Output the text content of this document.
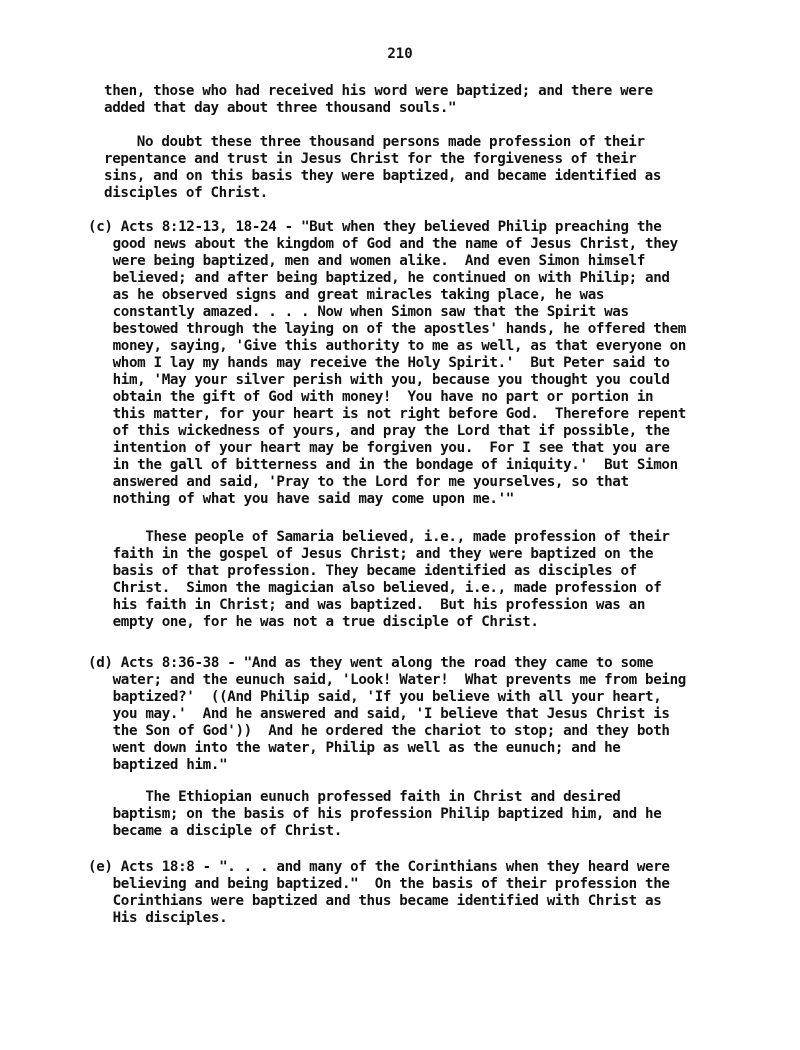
210
then, those who had received his word were baptized; and there were
added that day about three thousand souls."
No doubt these three thousand persons made profession of their
repentance and trust in Jesus Christ for the forgiveness of their
sins, and on this basis they were baptized, and became identified as
disciples of Christ.
(c) Acts 8:12-13, 18-24 - "But when they believed Philip preaching the
good news about the kingdom of God and the name of Jesus Christ, they
were being baptized, men and women alike.  And even Simon himself
believed; and after being baptized, he continued on with Philip; and
as he observed signs and great miracles taking place, he was
constantly amazed. . . . Now when Simon saw that the Spirit was
bestowed through the laying on of the apostles' hands, he offered them
money, saying, 'Give this authority to me as well, as that everyone on
whom I lay my hands may receive the Holy Spirit.'  But Peter said to
him, 'May your silver perish with you, because you thought you could
obtain the gift of God with money!  You have no part or portion in
this matter, for your heart is not right before God.  Therefore repent
of this wickedness of yours, and pray the Lord that if possible, the
intention of your heart may be forgiven you.  For I see that you are
in the gall of bitterness and in the bondage of iniquity.'  But Simon
answered and said, 'Pray to the Lord for me yourselves, so that
nothing of what you have said may come upon me.'"
These people of Samaria believed, i.e., made profession of their
faith in the gospel of Jesus Christ; and they were baptized on the
basis of that profession. They became identified as disciples of
Christ.  Simon the magician also believed, i.e., made profession of
his faith in Christ; and was baptized.  But his profession was an
empty one, for he was not a true disciple of Christ.
(d) Acts 8:36-38 - "And as they went along the road they came to some
water; and the eunuch said, 'Look! Water!  What prevents me from being
baptized?'  ((And Philip said, 'If you believe with all your heart,
you may.'  And he answered and said, 'I believe that Jesus Christ is
the Son of God'))  And he ordered the chariot to stop; and they both
went down into the water, Philip as well as the eunuch; and he
baptized him."
The Ethiopian eunuch professed faith in Christ and desired
baptism; on the basis of his profession Philip baptized him, and he
became a disciple of Christ.
(e) Acts 18:8 - ". . . and many of the Corinthians when they heard were
believing and being baptized."  On the basis of their profession the
Corinthians were baptized and thus became identified with Christ as
His disciples.
